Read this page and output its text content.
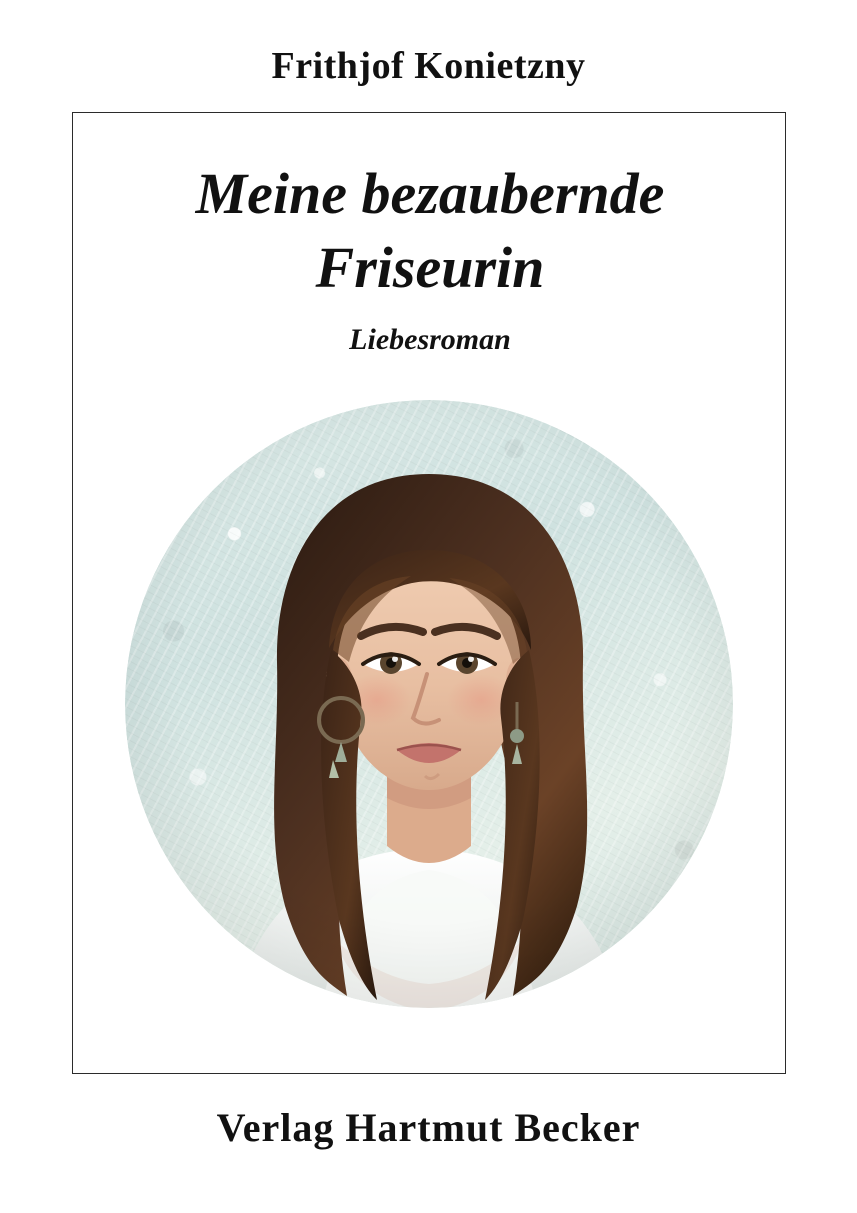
Frithjof Konietzny
Meine bezaubernde
Friseurin
Liebesroman
Verlag Hartmut Becker
